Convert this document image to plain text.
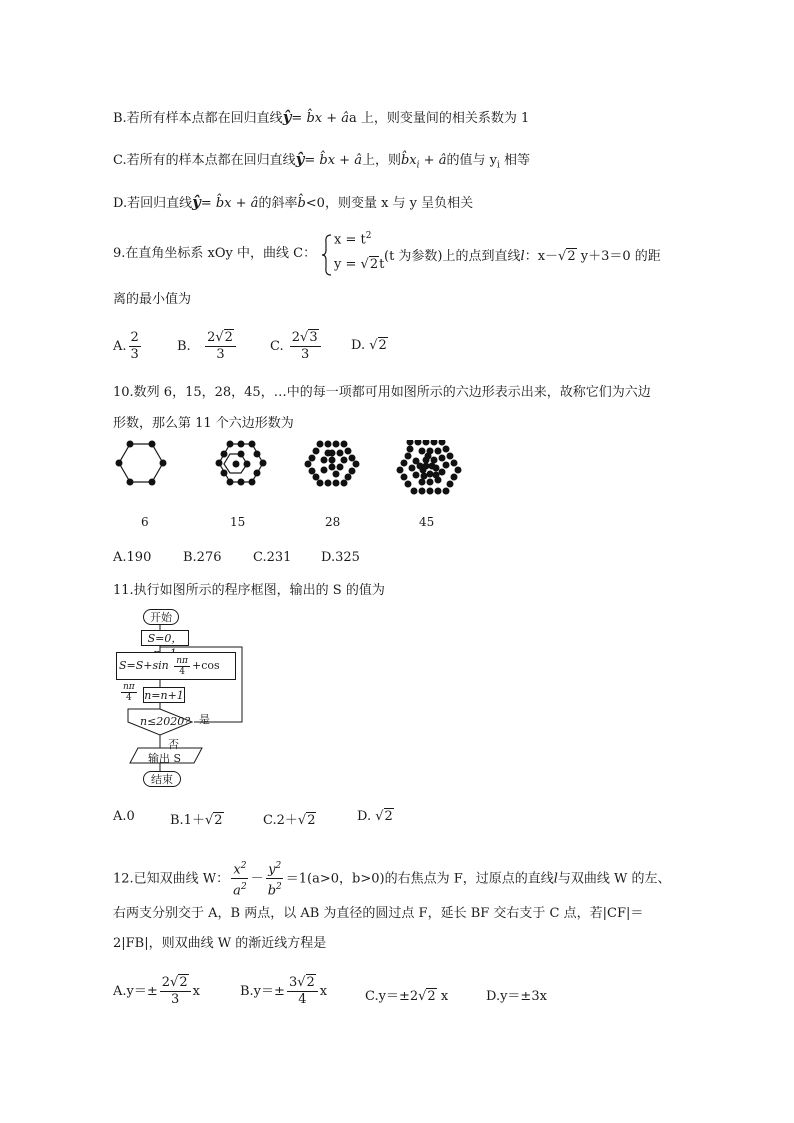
B.若所有样本点都在回归直线ŷ= b̂x + âa 上，则变量间的相关系数为 1
C.若所有的样本点都在回归直线ŷ= b̂x + â上，则$b̂x_i$ + â的值与 $y_i$ 相等
D.若回归直线ŷ= b̂x + â的斜率b̂<0，则变量 x 与 y 呈负相关
9.在直角坐标系 xOy 中，曲线 C：
$x = t^2$
y = √2t
(t 为参数)上的点到直线l：x－√2 y＋3＝0 的距
离的最小值为
A. $\frac{2}{3}$	B. $\frac{2√2}{3}$	C. $\frac{2√3}{3} D$. √2
10.数列 6，15，28，45，…中的每一项都可用如图所示的六边形表示出来，故称它们为六边
形数，那么第 11 个六边形数为
6	15	28	45
A.190 B.276 C.231 D.325
11.执行如图所示的程序框图，输出的 S 的值为
开始
S=0，
$S=S+\sin \frac{n\pi}{4} +\cos$
$\frac{n\pi}{4} n=n+1$
n≤2020? 是
否
输出 S
结束
A.0	B.1＋√2	C.2＋√2	D. √2
12.已知双曲线 W： $\frac{x^2}{a^2} - \frac{y^2}{b^2} =1(a>0$，b>0)的右焦点为 F，过原点的直线l与双曲线 W 的左、
右两支分别交于 A，B 两点，以 AB 为直径的圆过点 F，延长 BF 交右支于 C 点，若|CF|＝
2|FB|，则双曲线 W 的渐近线方程是
$A.y=\pm \frac{2√2}{3}$ x	$B.y=\pm \frac{3√2}{4}$ x	C.y＝±2√2 x	D.y＝±3x
